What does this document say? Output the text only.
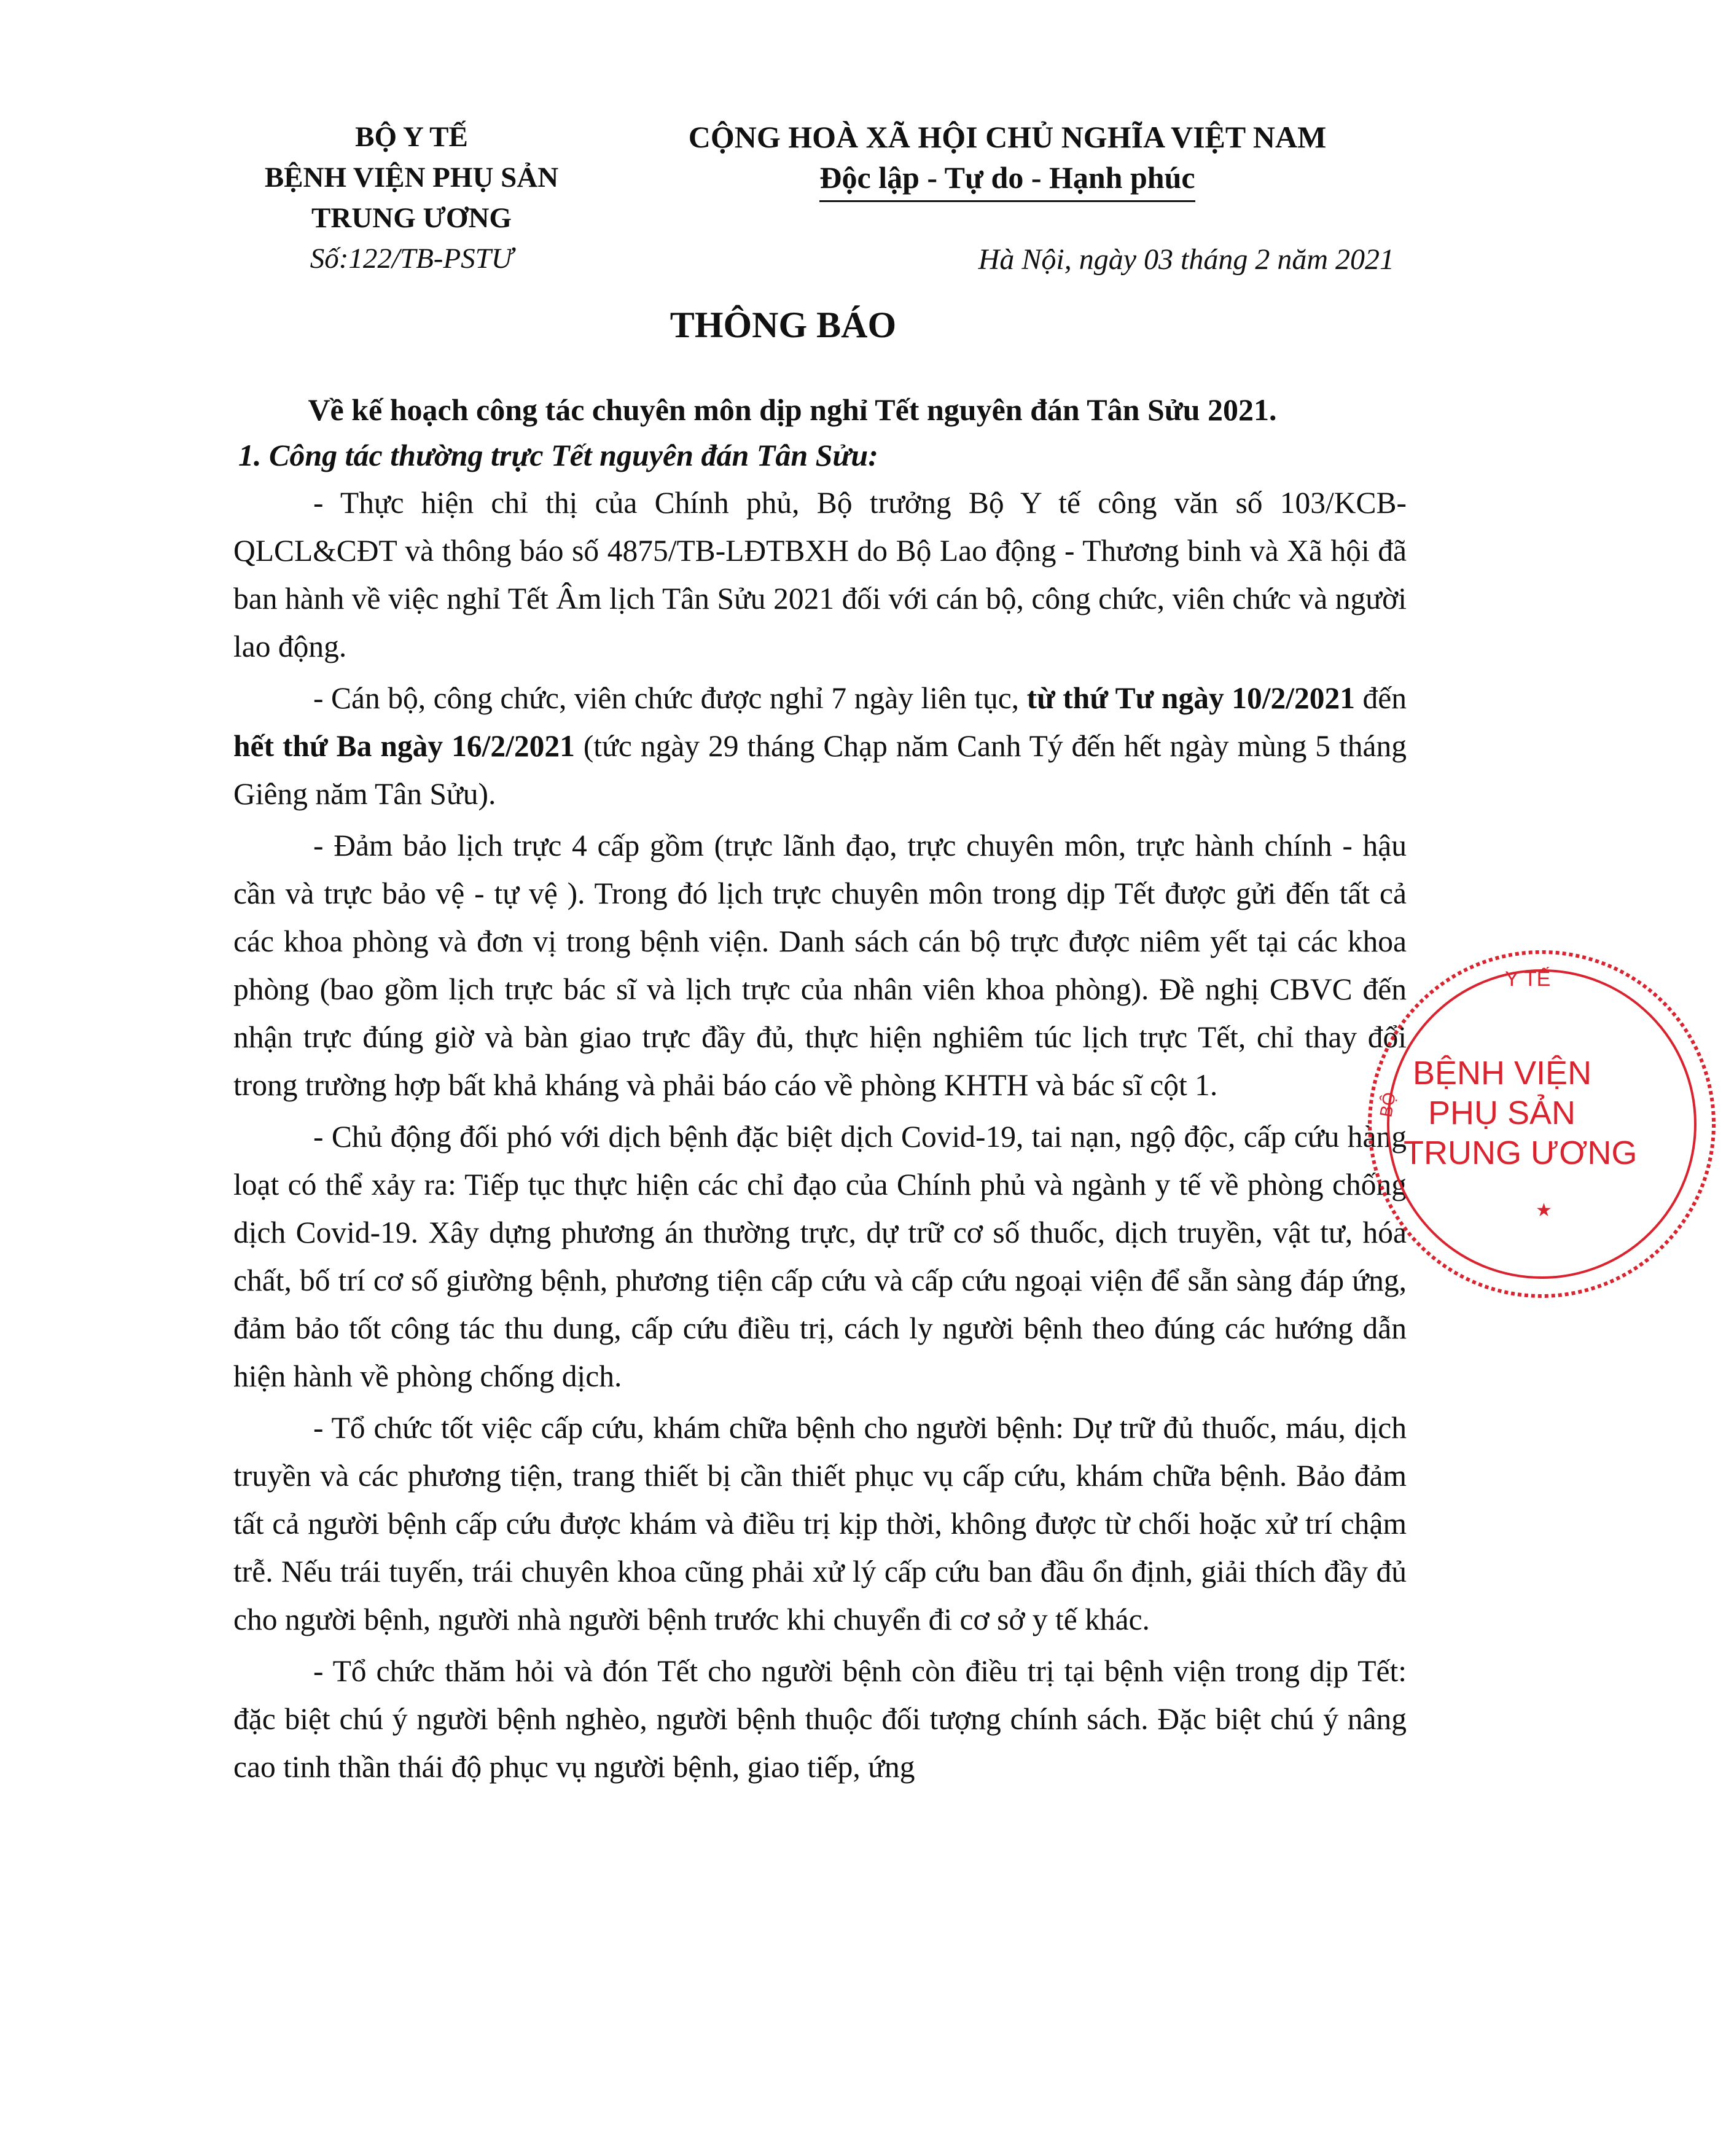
BỘ Y TẾ
BỆNH VIỆN PHỤ SẢN
TRUNG ƯƠNG
Số:122/TB-PSTƯ
CỘNG HOÀ XÃ HỘI CHỦ NGHĨA VIỆT NAM
Độc lập - Tự do - Hạnh phúc
Hà Nội, ngày 03 tháng 2 năm 2021
THÔNG BÁO
Về kế hoạch công tác chuyên môn dịp nghỉ Tết nguyên đán Tân Sửu 2021.
1. Công tác thường trực Tết nguyên đán Tân Sửu:

- Thực hiện chỉ thị của Chính phủ, Bộ trưởng Bộ Y tế công văn số 103/KCB-QLCL&CĐT và thông báo số 4875/TB-LĐTBXH do Bộ Lao động - Thương binh và Xã hội đã ban hành về việc nghỉ Tết Âm lịch Tân Sửu 2021 đối với cán bộ, công chức, viên chức và người lao động.

- Cán bộ, công chức, viên chức được nghỉ 7 ngày liên tục, từ thứ Tư ngày 10/2/2021 đến hết thứ Ba ngày 16/2/2021 (tức ngày 29 tháng Chạp năm Canh Tý đến hết ngày mùng 5 tháng Giêng năm Tân Sửu).

- Đảm bảo lịch trực 4 cấp gồm (trực lãnh đạo, trực chuyên môn, trực hành chính - hậu cần và trực bảo vệ - tự vệ ). Trong đó lịch trực chuyên môn trong dịp Tết được gửi đến tất cả các khoa phòng và đơn vị trong bệnh viện. Danh sách cán bộ trực được niêm yết tại các khoa phòng (bao gồm lịch trực bác sĩ và lịch trực của nhân viên khoa phòng). Đề nghị CBVC đến nhận trực đúng giờ và bàn giao trực đầy đủ, thực hiện nghiêm túc lịch trực Tết, chỉ thay đổi trong trường hợp bất khả kháng và phải báo cáo về phòng KHTH và bác sĩ cột 1.

- Chủ động đối phó với dịch bệnh đặc biệt dịch Covid-19, tai nạn, ngộ độc, cấp cứu hàng loạt có thể xảy ra: Tiếp tục thực hiện các chỉ đạo của Chính phủ và ngành y tế về phòng chống dịch Covid-19. Xây dựng phương án thường trực, dự trữ cơ số thuốc, dịch truyền, vật tư, hóa chất, bố trí cơ số giường bệnh, phương tiện cấp cứu và cấp cứu ngoại viện để sẵn sàng đáp ứng, đảm bảo tốt công tác thu dung, cấp cứu điều trị, cách ly người bệnh theo đúng các hướng dẫn hiện hành về phòng chống dịch.

- Tổ chức tốt việc cấp cứu, khám chữa bệnh cho người bệnh: Dự trữ đủ thuốc, máu, dịch truyền và các phương tiện, trang thiết bị cần thiết phục vụ cấp cứu, khám chữa bệnh. Bảo đảm tất cả người bệnh cấp cứu được khám và điều trị kịp thời, không được từ chối hoặc xử trí chậm trễ. Nếu trái tuyến, trái chuyên khoa cũng phải xử lý cấp cứu ban đầu ổn định, giải thích đầy đủ cho người bệnh, người nhà người bệnh trước khi chuyển đi cơ sở y tế khác.

- Tổ chức thăm hỏi và đón Tết cho người bệnh còn điều trị tại bệnh viện trong dịp Tết: đặc biệt chú ý người bệnh nghèo, người bệnh thuộc đối tượng chính sách. Đặc biệt chú ý nâng cao tinh thần thái độ phục vụ người bệnh, giao tiếp, ứng

Y TẾ
BỘ
BỆNH VIỆN
PHỤ SẢN
TRUNG ƯƠNG
★
